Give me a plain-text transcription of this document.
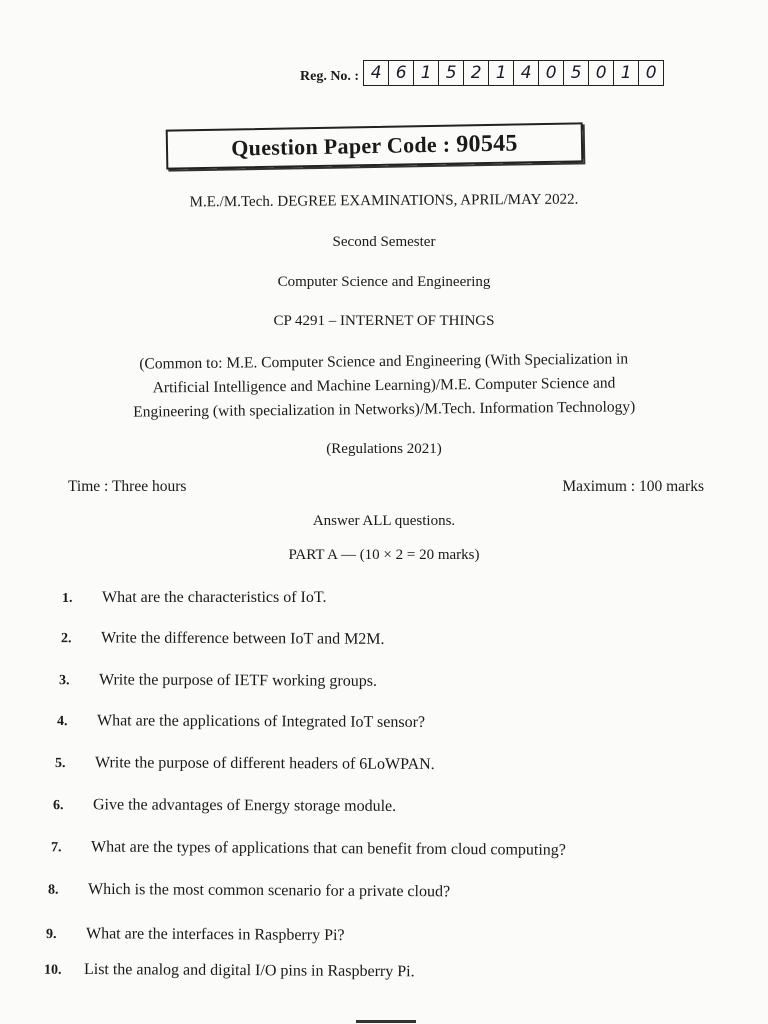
Reg. No. : 4 6 1 5 2 1 4 0 5 0 1 0
Question Paper Code : 90545
M.E./M.Tech. DEGREE EXAMINATIONS, APRIL/MAY 2022.
Second Semester
Computer Science and Engineering
CP 4291 – INTERNET OF THINGS
(Common to: M.E. Computer Science and Engineering (With Specialization in
Artificial Intelligence and Machine Learning)/M.E. Computer Science and
Engineering (with specialization in Networks)/M.Tech. Information Technology)
(Regulations 2021)
Time : Three hours	Maximum : 100 marks
Answer ALL questions.
PART A — (10 × 2 = 20 marks)
1. What are the characteristics of IoT.
2. Write the difference between IoT and M2M.
3. Write the purpose of IETF working groups.
4. What are the applications of Integrated IoT sensor?
5. Write the purpose of different headers of 6LoWPAN.
6. Give the advantages of Energy storage module.
7. What are the types of applications that can benefit from cloud computing?
8. Which is the most common scenario for a private cloud?
9. What are the interfaces in Raspberry Pi?
10. List the analog and digital I/O pins in Raspberry Pi.
